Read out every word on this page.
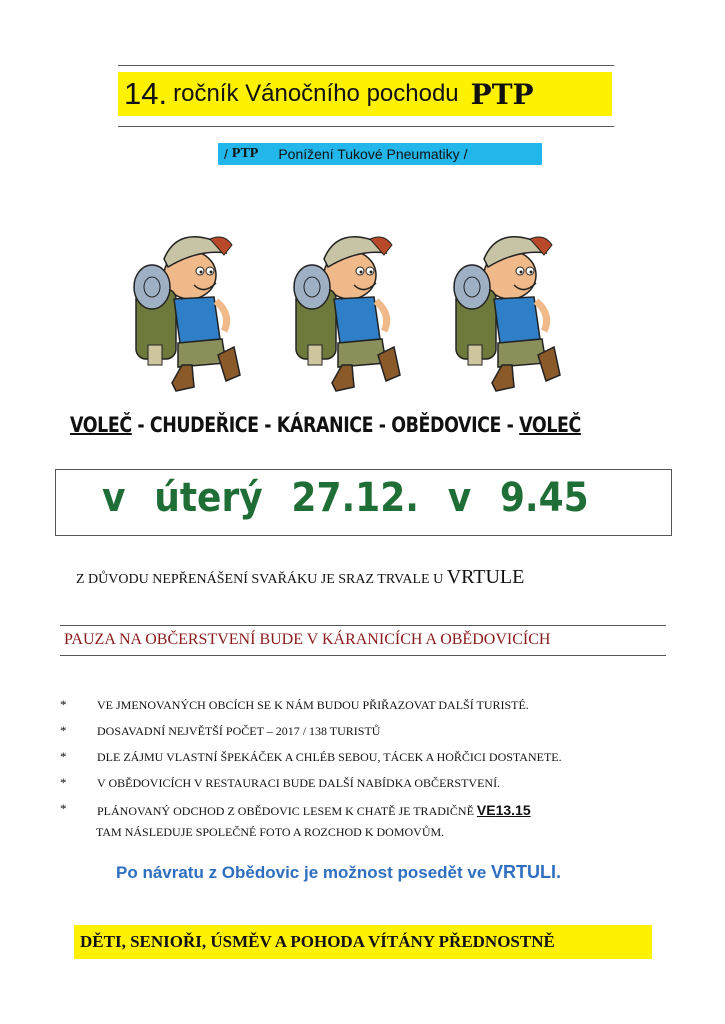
14. ročník Vánočního pochodu PTP
/ PTP Ponížení Tukové Pneumatiky /
VOLEČ - CHUDEŘICE - KÁRANICE - OBĚDOVICE - VOLEČ
v úterý 27.12. v 9.45
Z DŮVODU NEPŘENÁŠENÍ SVAŘÁKU JE SRAZ TRVALE U VRTULE
PAUZA NA OBČERSTVENÍ BUDE V KÁRANICÍCH A OBĚDOVICÍCH
*	VE JMENOVANÝCH OBCÍCH SE K NÁM BUDOU PŘIŘAZOVAT DALŠÍ TURISTÉ.
*	DOSAVADNÍ NEJVĚTŠÍ POČET – 2017 / 138 TURISTŮ
*	DLE ZÁJMU VLASTNÍ ŠPEKÁČEK A CHLÉB SEBOU, TÁCEK A HOŘČICI DOSTANETE.
*	V OBĚDOVICÍCH V RESTAURACI BUDE DALŠÍ NABÍDKA OBČERSTVENÍ.
*	PLÁNOVANÝ ODCHOD Z OBĚDOVIC LESEM K CHATĚ JE TRADIČNĚ VE13.15
TAM NÁSLEDUJE SPOLEČNÉ FOTO A ROZCHOD K DOMOVŮM.
Po návratu z Obědovic je možnost posedět ve VRTULI.
DĚTI, SENIOŘI, ÚSMĚV A POHODA VÍTÁNY PŘEDNOSTNĚ
